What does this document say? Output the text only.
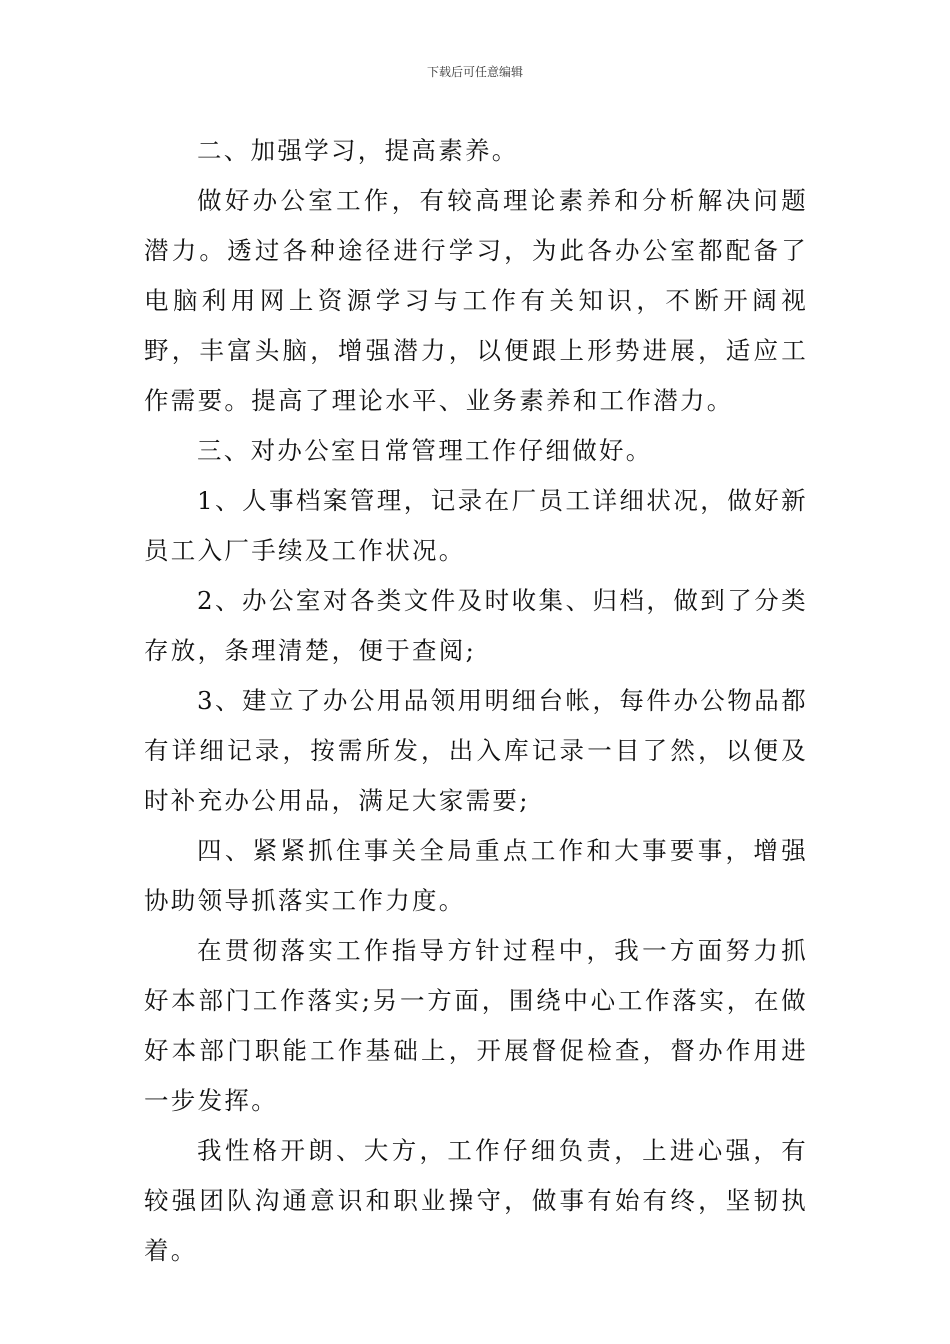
下载后可任意编辑

二、加强学习，提高素养。

做好办公室工作，有较高理论素养和分析解决问题潜力。透过各种途径进行学习，为此各办公室都配备了电脑利用网上资源学习与工作有关知识，不断开阔视野，丰富头脑，增强潜力，以便跟上形势进展，适应工作需要。提高了理论水平、业务素养和工作潜力。

三、对办公室日常管理工作仔细做好。

1、人事档案管理，记录在厂员工详细状况，做好新员工入厂手续及工作状况。

2、办公室对各类文件及时收集、归档，做到了分类存放，条理清楚，便于查阅;

3、建立了办公用品领用明细台帐，每件办公物品都有详细记录，按需所发，出入库记录一目了然，以便及时补充办公用品，满足大家需要;

四、紧紧抓住事关全局重点工作和大事要事，增强协助领导抓落实工作力度。

在贯彻落实工作指导方针过程中，我一方面努力抓好本部门工作落实;另一方面，围绕中心工作落实，在做好本部门职能工作基础上，开展督促检查，督办作用进一步发挥。

我性格开朗、大方，工作仔细负责，上进心强，有较强团队沟通意识和职业操守，做事有始有终，坚韧执着。
